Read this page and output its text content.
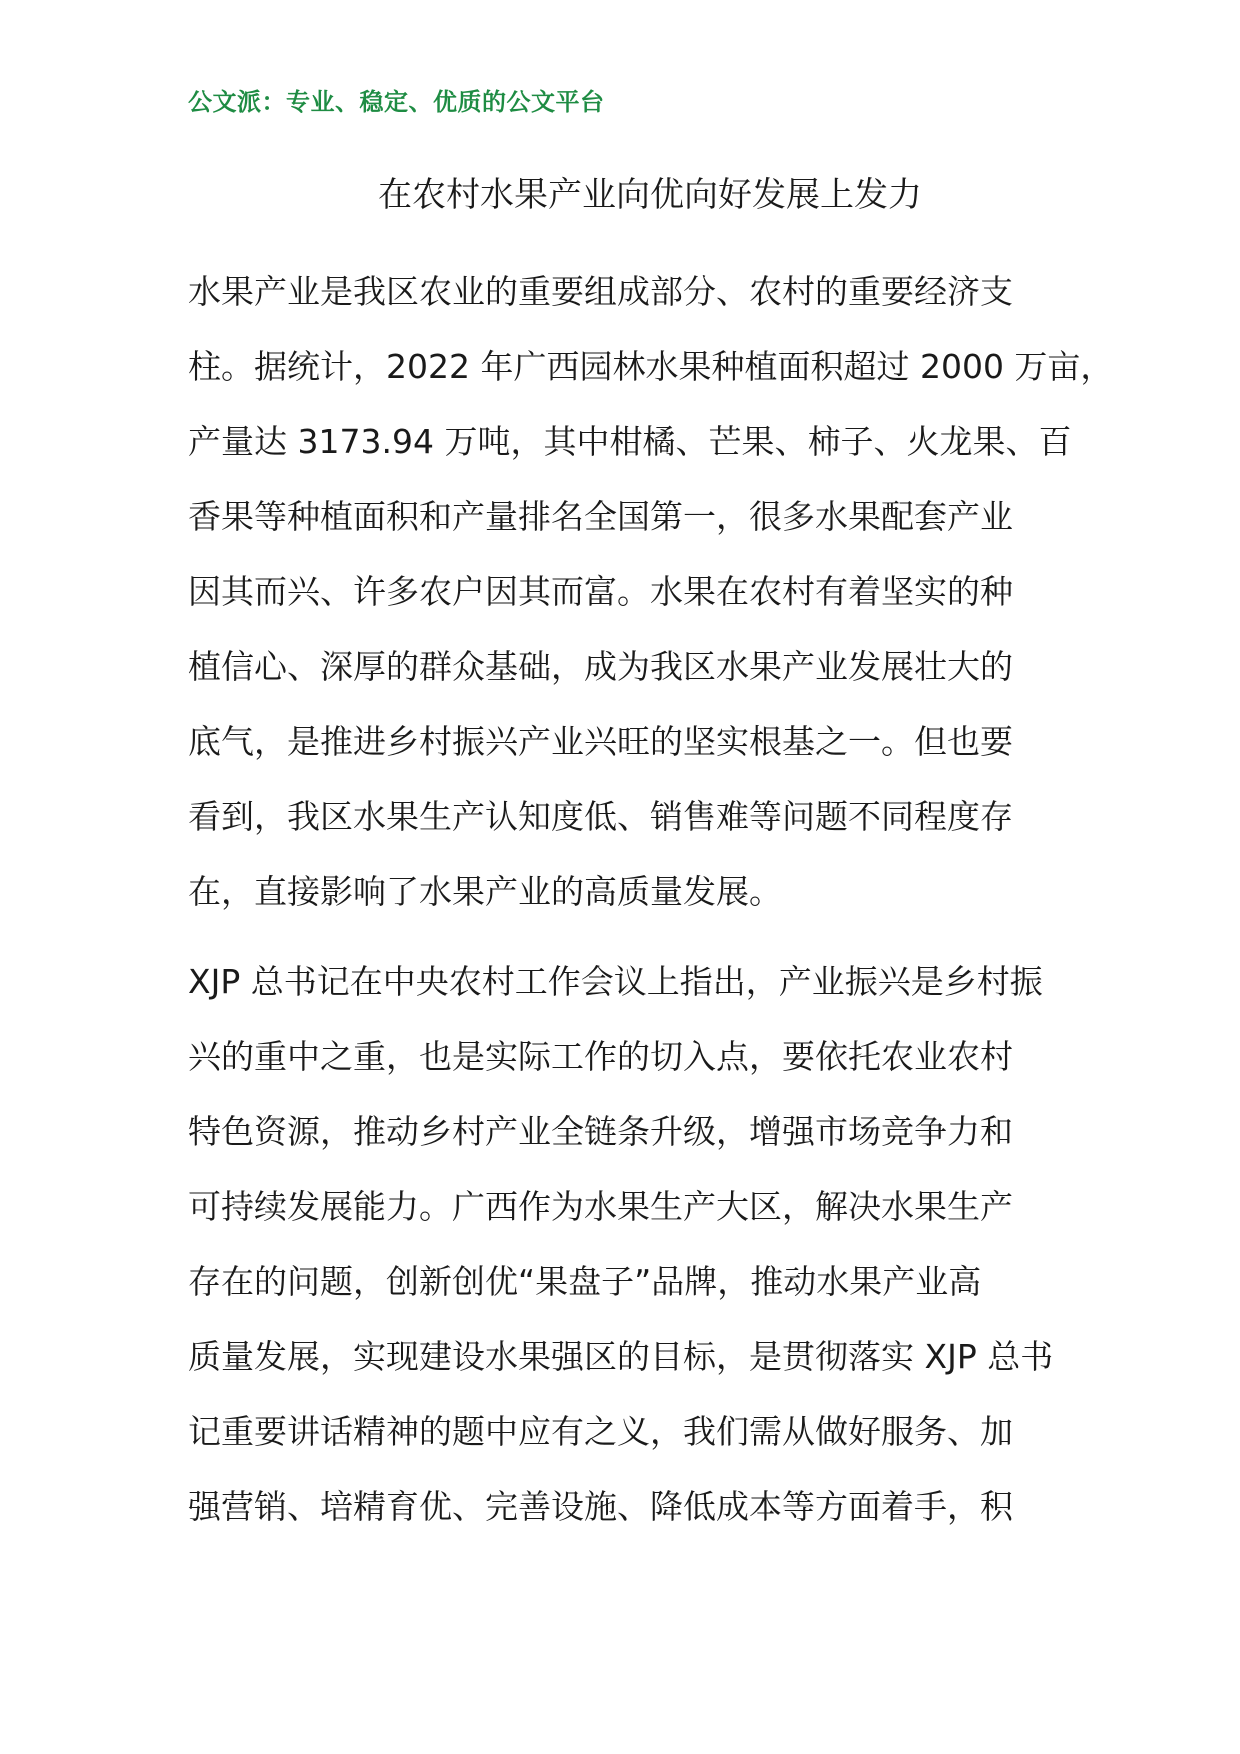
公文派：专业、稳定、优质的公文平台
在农村水果产业向优向好发展上发力
水果产业是我区农业的重要组成部分、农村的重要经济支
柱。据统计，2022 年广西园林水果种植面积超过 2000 万亩，
产量达 3173.94 万吨，其中柑橘、芒果、柿子、火龙果、百
香果等种植面积和产量排名全国第一，很多水果配套产业
因其而兴、许多农户因其而富。水果在农村有着坚实的种
植信心、深厚的群众基础，成为我区水果产业发展壮大的
底气，是推进乡村振兴产业兴旺的坚实根基之一。但也要
看到，我区水果生产认知度低、销售难等问题不同程度存
在，直接影响了水果产业的高质量发展。
XJP 总书记在中央农村工作会议上指出，产业振兴是乡村振
兴的重中之重，也是实际工作的切入点，要依托农业农村
特色资源，推动乡村产业全链条升级，增强市场竞争力和
可持续发展能力。广西作为水果生产大区，解决水果生产
存在的问题，创新创优“果盘子”品牌，推动水果产业高
质量发展，实现建设水果强区的目标，是贯彻落实 XJP 总书
记重要讲话精神的题中应有之义，我们需从做好服务、加
强营销、培精育优、完善设施、降低成本等方面着手，积
